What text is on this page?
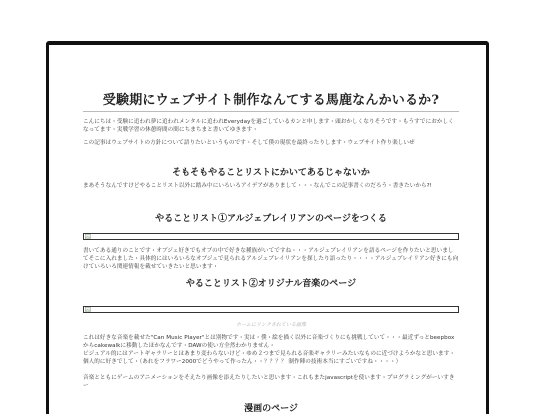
受験期にウェブサイト制作なんてする馬鹿なんかいるか?
こんにちは・受験に追われ夢に追われメンタルに追われEverydayを過ごしているカンと申します・頭おかしくなりそうです・もうすでにおかしくなってます・実戦学習の休憩時間の間にちまちまと書いてゆきます・
この記事はウェブサイトの方針について語りたいというものです・そして僕の現状を最終ったりします・ウェブサイト作り楽しいぜ
そもそもやることリストにかいてあるじゃないか
まあそうなんですけどやることリスト以外に踏み中にいろいろアイデアがありまして・・・なんでこの記事書くのだろう・書きたいから?!
やることリスト①アルジェブレイリアンのページをつくる
書いてある通りのことです・オブジェ好きでもオブの中で好きな種族がいてですね・・・アルジェブレイリアンを語るページを作りたいと思いましてそこに入れました・具体的にはいろいろなオブジェで見られるアルジェブレイリアンを探したり語ったり・・・・アルジェブレイリアン好きにも向けていろいろ関連情報を載せていきたいと思います・
やることリスト②オリジナル音楽のページ
ホームにリンクされている画像
これは好きな音楽を載せた"Can Music Player"とは別物です・実は・僕・絵を描く以外に音楽づくりにも挑戦していて・・・最近ずっとbeepboxからcakewalkに移動したほかなんです・DAWの使い方全然わかりません・
ビジュアル的にはアートギャラリーとはあまり変わらないけど・ゆめ２つまで見られる音楽ギャラリーみたいなものに近づけようかなと思います・個人的に好きでして・（あれをフラワー2000でどうやって作ったん・・？？？？ 制作陣の技術本当にすごいですね・・・・）
音楽とともにゲームのアニメーションをそえたり画像を添えたりしたいと思います・これもまたjavascriptを使います・プログラミングがーいすきー
漫画のページ
